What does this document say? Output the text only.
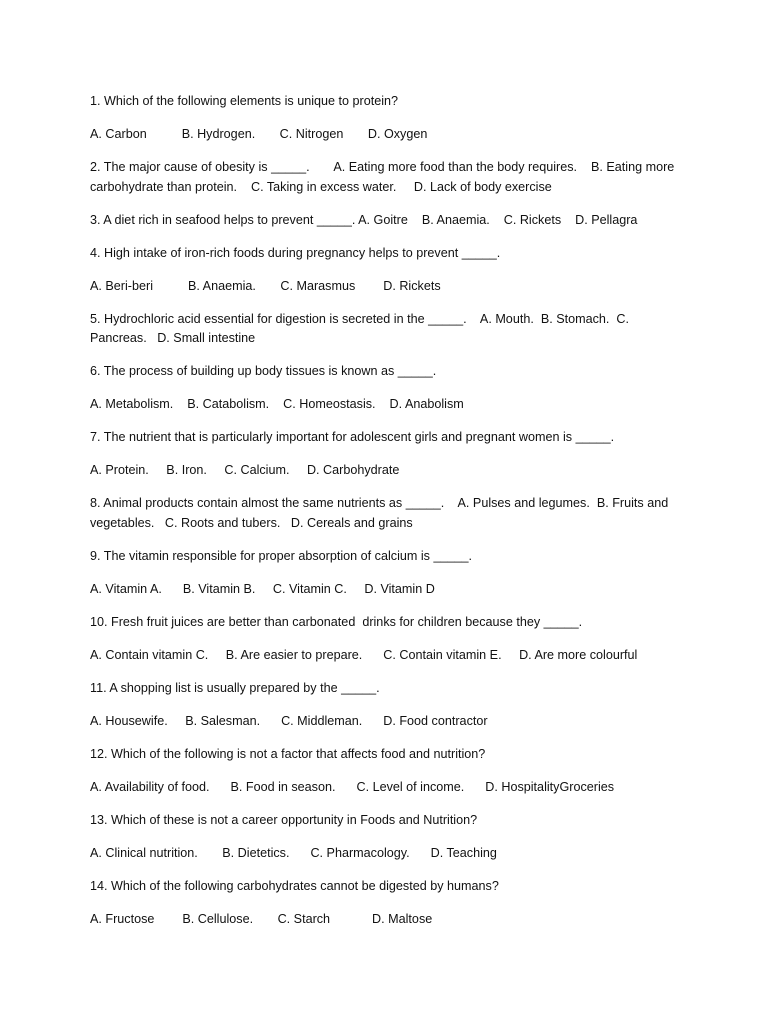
1. Which of the following elements is unique to protein?
A. Carbon          B. Hydrogen.       C. Nitrogen       D. Oxygen
2. The major cause of obesity is _____.       A. Eating more food than the body requires.    B. Eating more
carbohydrate than protein.    C. Taking in excess water.     D. Lack of body exercise
3. A diet rich in seafood helps to prevent _____. A. Goitre    B. Anaemia.    C. Rickets    D. Pellagra
4. High intake of iron-rich foods during pregnancy helps to prevent _____.
A. Beri-beri          B. Anaemia.       C. Marasmus        D. Rickets
5. Hydrochloric acid essential for digestion is secreted in the _____.    A. Mouth.  B. Stomach.  C.
Pancreas.   D. Small intestine
6. The process of building up body tissues is known as _____.
A. Metabolism.    B. Catabolism.    C. Homeostasis.    D. Anabolism
7. The nutrient that is particularly important for adolescent girls and pregnant women is _____.
A. Protein.     B. Iron.     C. Calcium.     D. Carbohydrate
8. Animal products contain almost the same nutrients as _____.    A. Pulses and legumes.  B. Fruits and
vegetables.   C. Roots and tubers.   D. Cereals and grains
9. The vitamin responsible for proper absorption of calcium is _____.
A. Vitamin A.      B. Vitamin B.     C. Vitamin C.     D. Vitamin D
10. Fresh fruit juices are better than carbonated  drinks for children because they _____.
A. Contain vitamin C.     B. Are easier to prepare.      C. Contain vitamin E.     D. Are more colourful
11. A shopping list is usually prepared by the _____.
A. Housewife.     B. Salesman.      C. Middleman.      D. Food contractor
12. Which of the following is not a factor that affects food and nutrition?
A. Availability of food.      B. Food in season.      C. Level of income.      D. HospitalityGroceries
13. Which of these is not a career opportunity in Foods and Nutrition?
A. Clinical nutrition.       B. Dietetics.      C. Pharmacology.      D. Teaching
14. Which of the following carbohydrates cannot be digested by humans?
A. Fructose        B. Cellulose.       C. Starch            D. Maltose
